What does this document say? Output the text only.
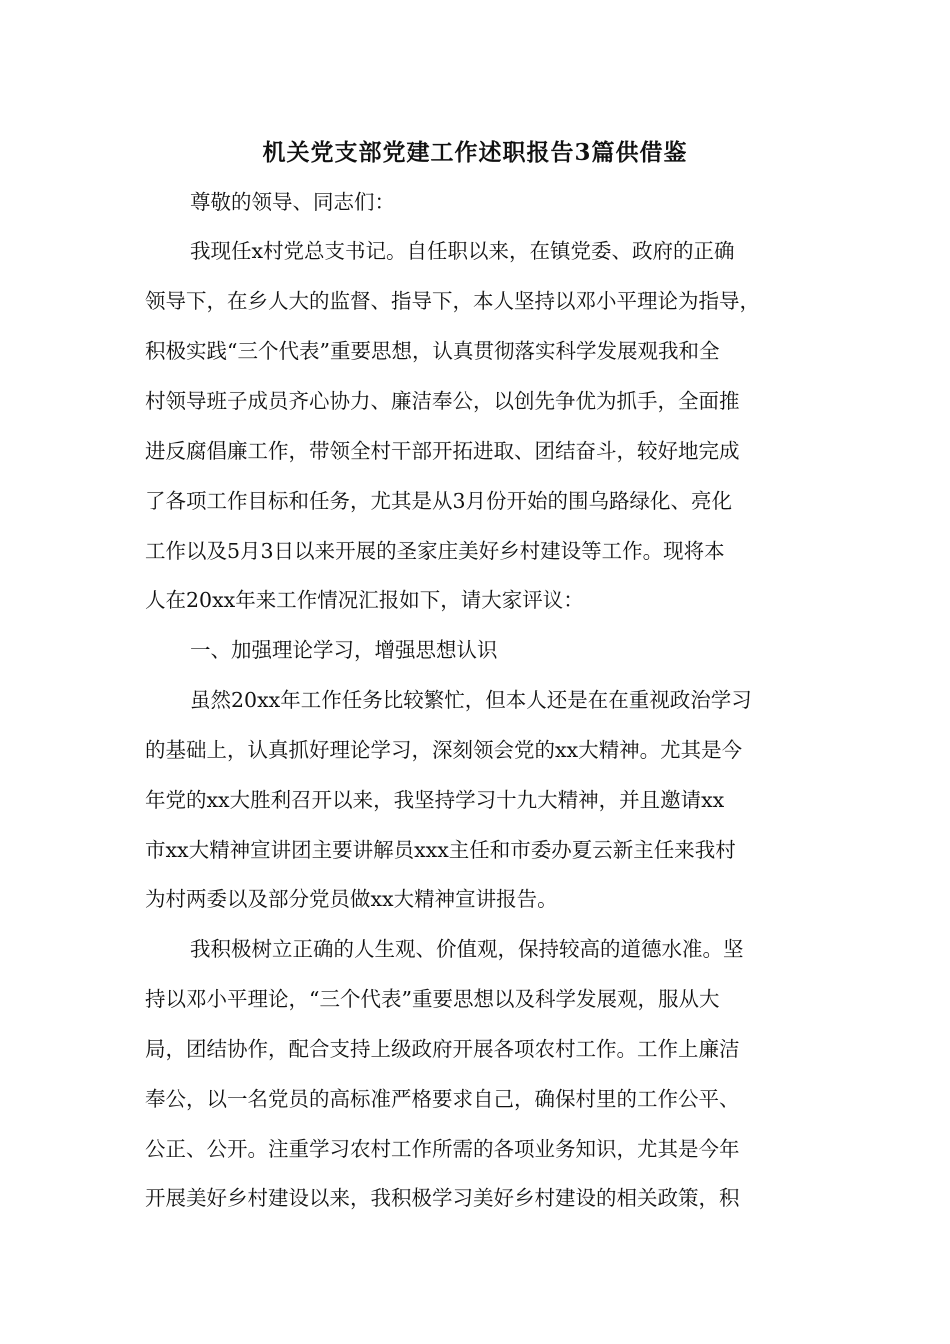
机关党支部党建工作述职报告3篇供借鉴
尊敬的领导、同志们：
我现任x村党总支书记。自任职以来，在镇党委、政府的正确
领导下，在乡人大的监督、指导下，本人坚持以邓小平理论为指导，
积极实践“三个代表”重要思想，认真贯彻落实科学发展观我和全
村领导班子成员齐心协力、廉洁奉公，以创先争优为抓手，全面推
进反腐倡廉工作，带领全村干部开拓进取、团结奋斗，较好地完成
了各项工作目标和任务，尤其是从3月份开始的围乌路绿化、亮化
工作以及5月3日以来开展的圣家庄美好乡村建设等工作。现将本
人在20xx年来工作情况汇报如下，请大家评议：
一、加强理论学习，增强思想认识
虽然20xx年工作任务比较繁忙，但本人还是在在重视政治学习
的基础上，认真抓好理论学习，深刻领会党的xx大精神。尤其是今
年党的xx大胜利召开以来，我坚持学习十九大精神，并且邀请xx
市xx大精神宣讲团主要讲解员xxx主任和市委办夏云新主任来我村
为村两委以及部分党员做xx大精神宣讲报告。
我积极树立正确的人生观、价值观，保持较高的道德水准。坚
持以邓小平理论，“三个代表”重要思想以及科学发展观，服从大
局，团结协作，配合支持上级政府开展各项农村工作。工作上廉洁
奉公，以一名党员的高标准严格要求自己，确保村里的工作公平、
公正、公开。注重学习农村工作所需的各项业务知识，尤其是今年
开展美好乡村建设以来，我积极学习美好乡村建设的相关政策，积
